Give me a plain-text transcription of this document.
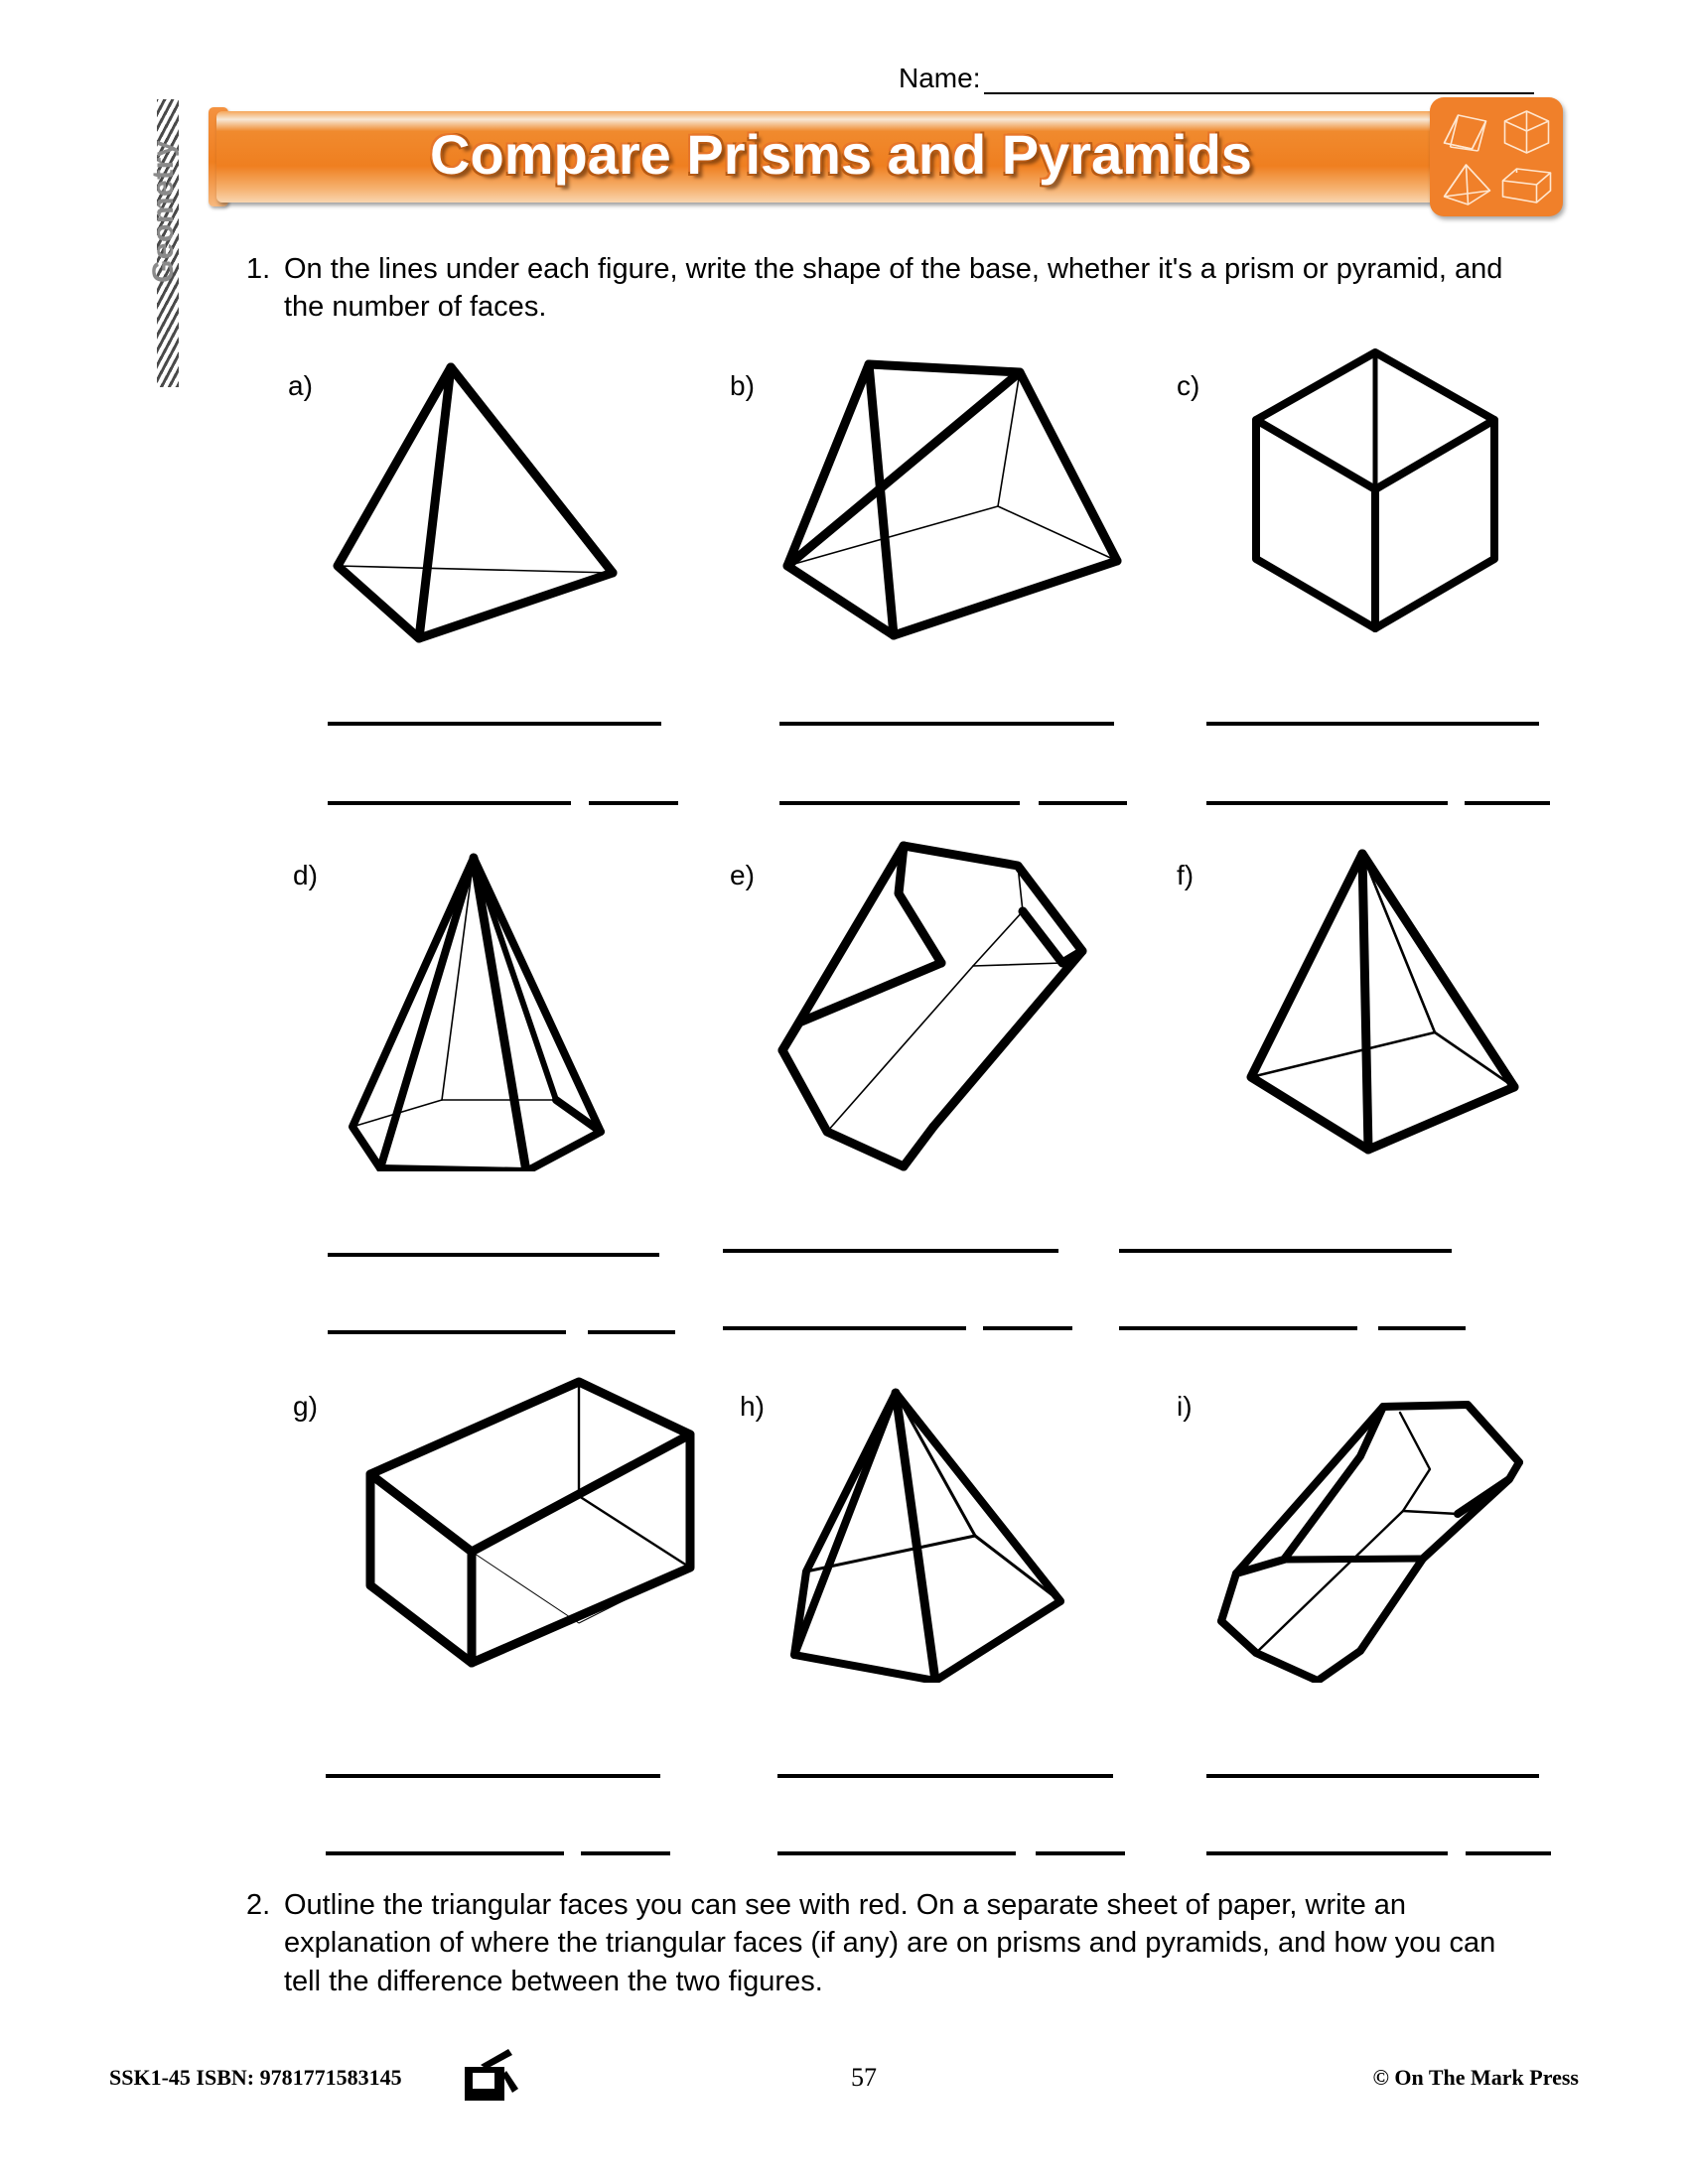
Geometry
Name:
Compare Prisms and Pyramids
1. On the lines under each figure, write the shape of the base, whether it's a prism or pyramid, and the number of faces.
a)	b)	c)
d)	e)	f)
g)	h)	i)
2. Outline the triangular faces you can see with red. On a separate sheet of paper, write an explanation of where the triangular faces (if any) are on prisms and pyramids, and how you can tell the difference between the two figures.
SSK1-45 ISBN: 9781771583145	57	© On The Mark Press
